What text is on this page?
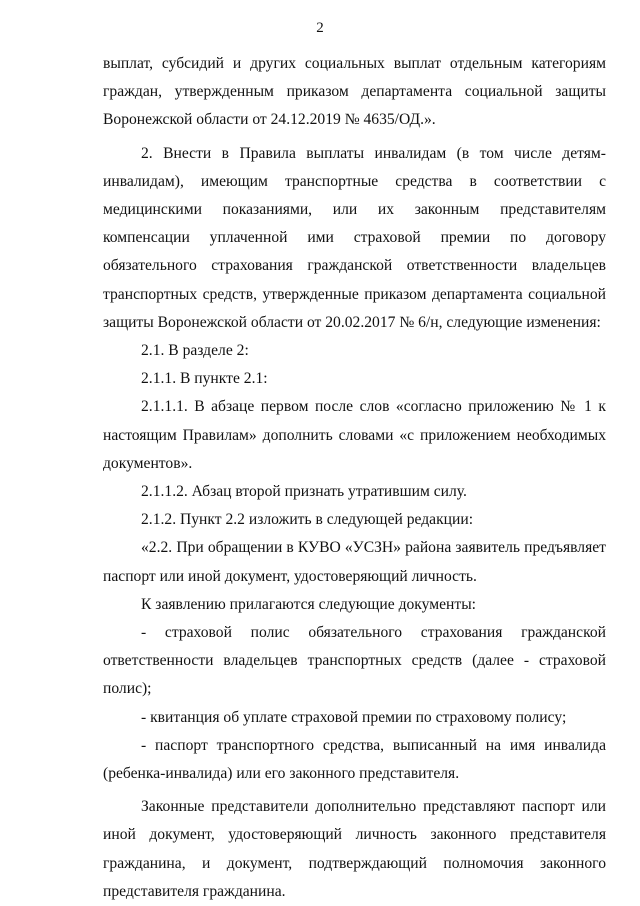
2

выплат, субсидий и других социальных выплат отдельным категориям граждан, утвержденным приказом департамента социальной защиты Воронежской области от 24.12.2019 № 4635/ОД.».

2. Внести в Правила выплаты инвалидам (в том числе детям-инвалидам), имеющим транспортные средства в соответствии с медицинскими показаниями, или их законным представителям компенсации уплаченной ими страховой премии по договору обязательного страхования гражданской ответственности владельцев транспортных средств, утвержденные приказом департамента социальной защиты Воронежской области от 20.02.2017 № 6/н, следующие изменения:

2.1. В разделе 2:

2.1.1. В пункте 2.1:

2.1.1.1. В абзаце первом после слов «согласно приложению № 1 к настоящим Правилам» дополнить словами «с приложением необходимых документов».

2.1.1.2. Абзац второй признать утратившим силу.

2.1.2. Пункт 2.2 изложить в следующей редакции:

«2.2. При обращении в КУВО «УСЗН» района заявитель предъявляет паспорт или иной документ, удостоверяющий личность.

К заявлению прилагаются следующие документы:

- страховой полис обязательного страхования гражданской ответственности владельцев транспортных средств (далее - страховой полис);

- квитанция об уплате страховой премии по страховому полису;

- паспорт транспортного средства, выписанный на имя инвалида (ребенка-инвалида) или его законного представителя.

Законные представители дополнительно представляют паспорт или иной документ, удостоверяющий личность законного представителя гражданина, и документ, подтверждающий полномочия законного представителя гражданина.
